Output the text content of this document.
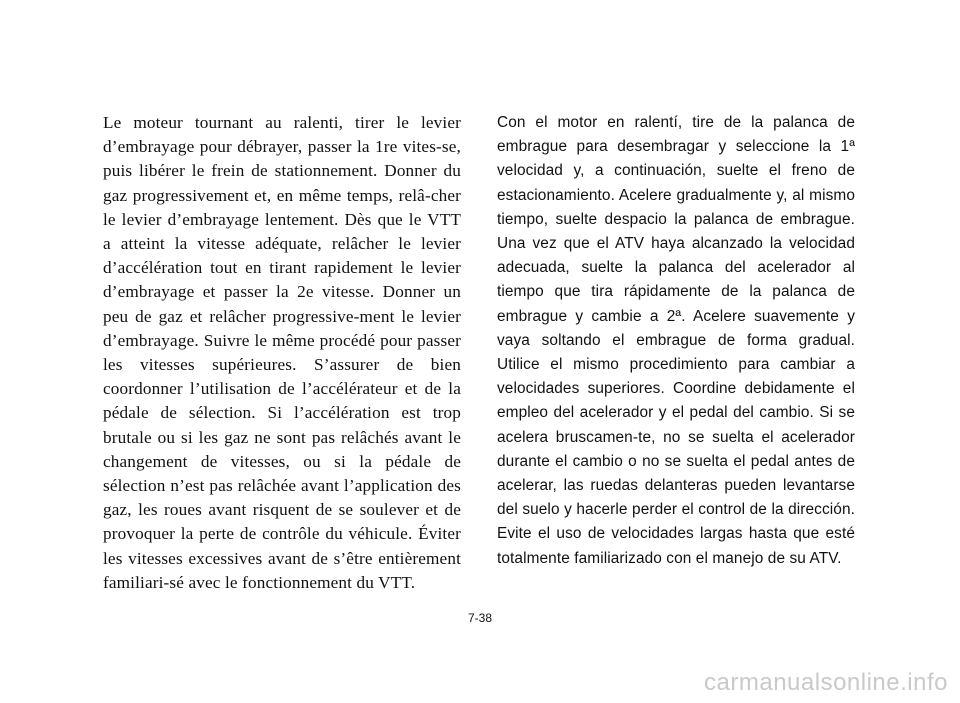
Le moteur tournant au ralenti, tirer le levier d’embrayage pour débrayer, passer la 1re vites-se, puis libérer le frein de stationnement. Donner du gaz progressivement et, en même temps, relâ-cher le levier d’embrayage lentement. Dès que le VTT a atteint la vitesse adéquate, relâcher le levier d’accélération tout en tirant rapidement le levier d’embrayage et passer la 2e vitesse. Donner un peu de gaz et relâcher progressive-ment le levier d’embrayage. Suivre le même procédé pour passer les vitesses supérieures. S’assurer de bien coordonner l’utilisation de l’accélérateur et de la pédale de sélection. Si l’accélération est trop brutale ou si les gaz ne sont pas relâchés avant le changement de vitesses, ou si la pédale de sélection n’est pas relâchée avant l’application des gaz, les roues avant risquent de se soulever et de provoquer la perte de contrôle du véhicule. Éviter les vitesses excessives avant de s’être entièrement familiari-sé avec le fonctionnement du VTT.

Con el motor en ralentí, tire de la palanca de embrague para desembragar y seleccione la 1ª velocidad y, a continuación, suelte el freno de estacionamiento. Acelere gradualmente y, al mismo tiempo, suelte despacio la palanca de embrague. Una vez que el ATV haya alcanzado la velocidad adecuada, suelte la palanca del acelerador al tiempo que tira rápidamente de la palanca de embrague y cambie a 2ª. Acelere suavemente y vaya soltando el embrague de forma gradual. Utilice el mismo procedimiento para cambiar a velocidades superiores. Coordine debidamente el empleo del acelerador y el pedal del cambio. Si se acelera bruscamen-te, no se suelta el acelerador durante el cambio o no se suelta el pedal antes de acelerar, las ruedas delanteras pueden levantarse del suelo y hacerle perder el control de la dirección. Evite el uso de velocidades largas hasta que esté totalmente familiarizado con el manejo de su ATV.

7-38
carmanualsonline.info
